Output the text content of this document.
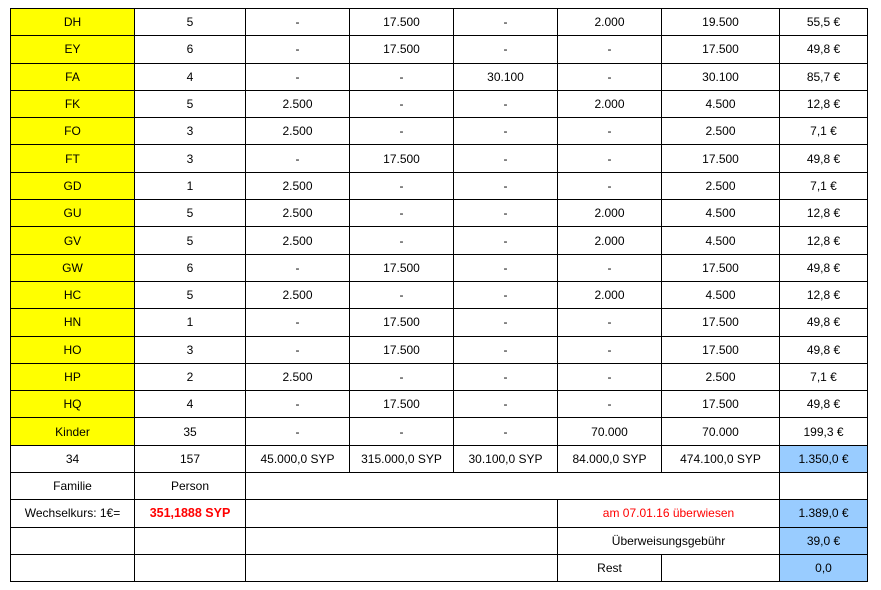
DH	5	-	17.500	-	2.000	19.500	55,5 €
EY	6	-	17.500	-	-	17.500	49,8 €
FA	4	-	-	30.100	-	30.100	85,7 €
FK	5	2.500	-	-	2.000	4.500	12,8 €
FO	3	2.500	-	-	-	2.500	7,1 €
FT	3	-	17.500	-	-	17.500	49,8 €
GD	1	2.500	-	-	-	2.500	7,1 €
GU	5	2.500	-	-	2.000	4.500	12,8 €
GV	5	2.500	-	-	2.000	4.500	12,8 €
GW	6	-	17.500	-	-	17.500	49,8 €
HC	5	2.500	-	-	2.000	4.500	12,8 €
HN	1	-	17.500	-	-	17.500	49,8 €
HO	3	-	17.500	-	-	17.500	49,8 €
HP	2	2.500	-	-	-	2.500	7,1 €
HQ	4	-	17.500	-	-	17.500	49,8 €
Kinder	35	-	-	-	70.000	70.000	199,3 €
34	157	45.000,0 SYP	315.000,0 SYP	30.100,0 SYP	84.000,0 SYP	474.100,0 SYP	1.350,0 €
Familie	Person						
Wechselkurs: 1€=	351,1888 SYP				am 07.01.16 überwiesen		1.389,0 €
					Überweisungsgebühr		39,0 €
					Rest		0,0
